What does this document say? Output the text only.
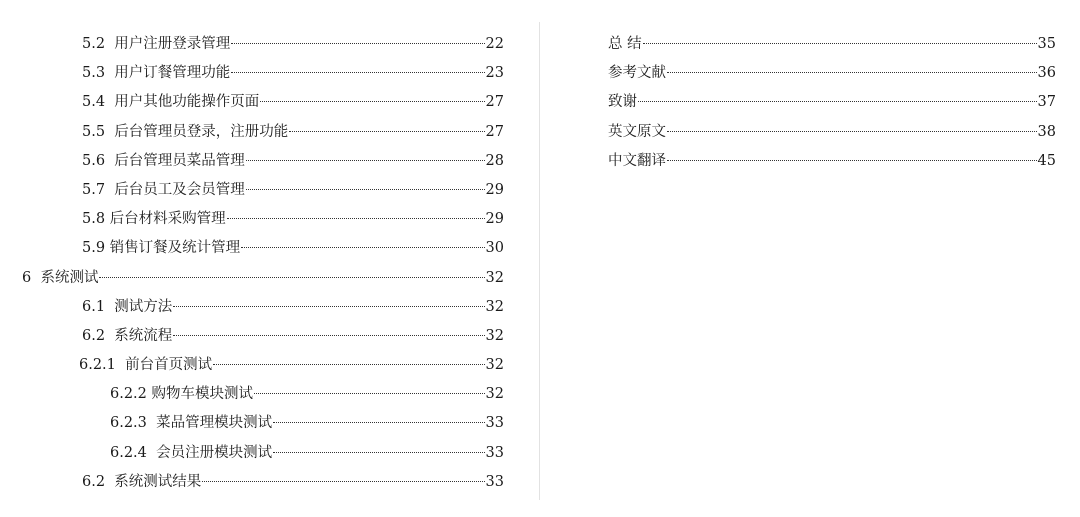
5.2  用户注册登录管理	22
5.3  用户订餐管理功能	23
5.4  用户其他功能操作页面	27
5.5  后台管理员登录，注册功能	27
5.6  后台管理员菜品管理	28
5.7  后台员工及会员管理	29
5.8 后台材料采购管理	29
5.9 销售订餐及统计管理	30
6  系统测试	32
6.1  测试方法	32
6.2  系统流程	32
6.2.1  前台首页测试	32
6.2.2 购物车模块测试	32
6.2.3  菜品管理模块测试	33
6.2.4  会员注册模块测试	33
6.2  系统测试结果	33
总 结	35
参考文献	36
致谢	37
英文原文	38
中文翻译	45
